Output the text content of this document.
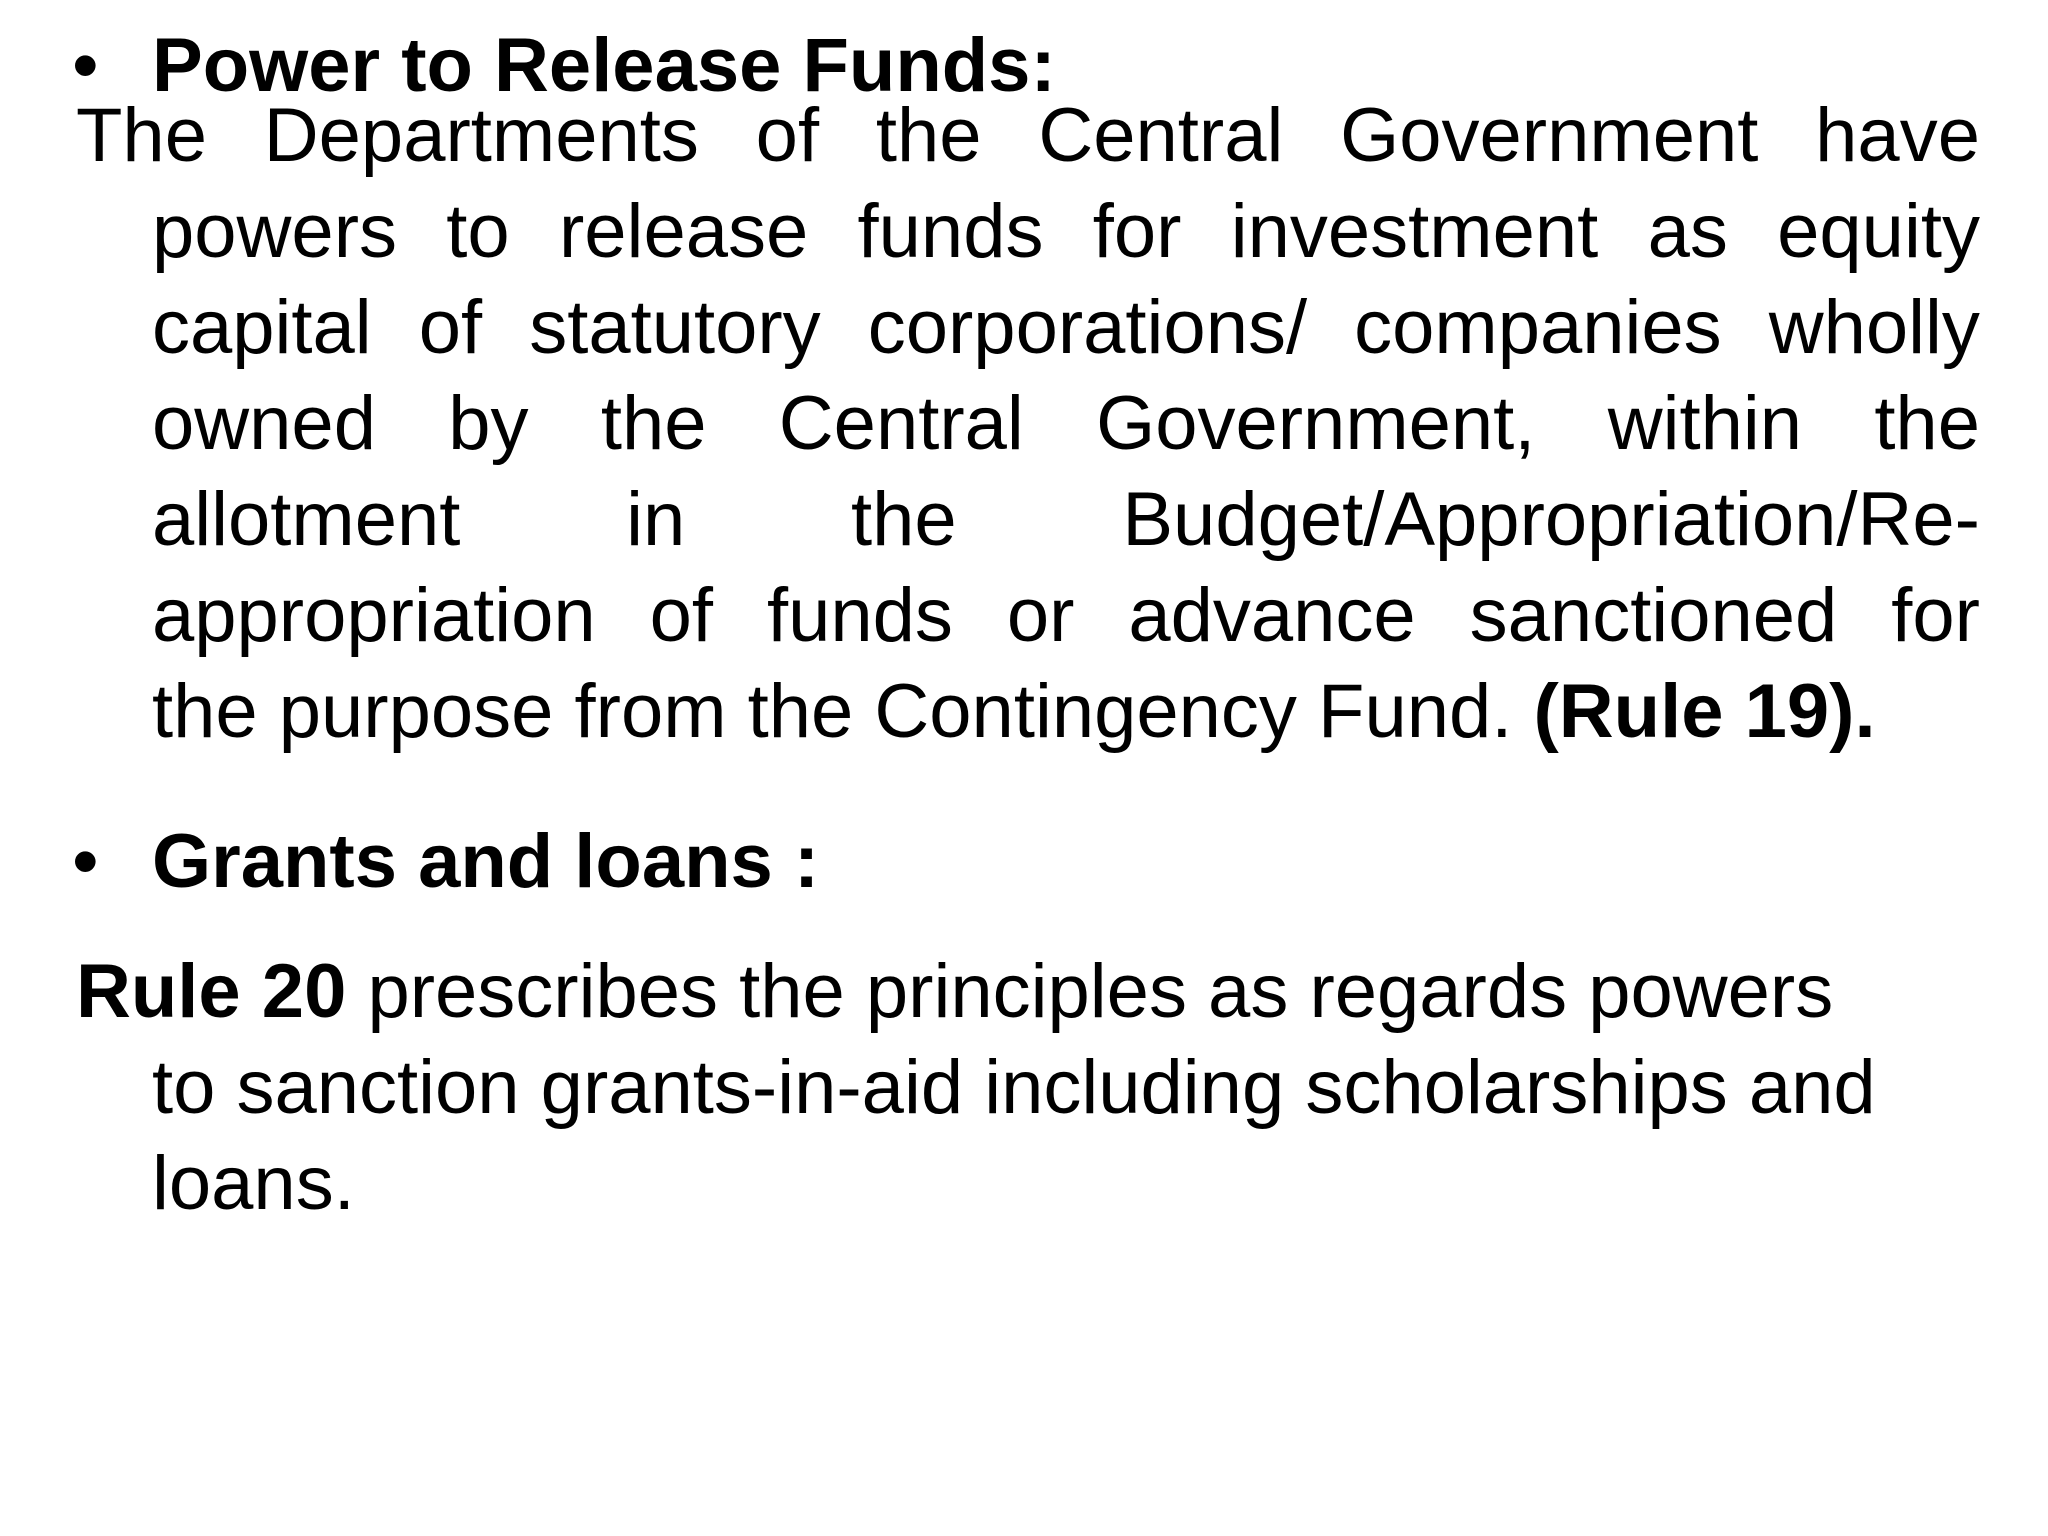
• Power to Release Funds:
The Departments of the Central Government have
powers to release funds for investment as equity
capital of statutory corporations/ companies wholly
owned by the Central Government, within the
allotment in the Budget/Appropriation/Re-
appropriation of funds or advance sanctioned for
the purpose from the Contingency Fund. (Rule 19).
• Grants and loans :
Rule 20 prescribes the principles as regards powers
to sanction grants-in-aid including scholarships and
loans.
